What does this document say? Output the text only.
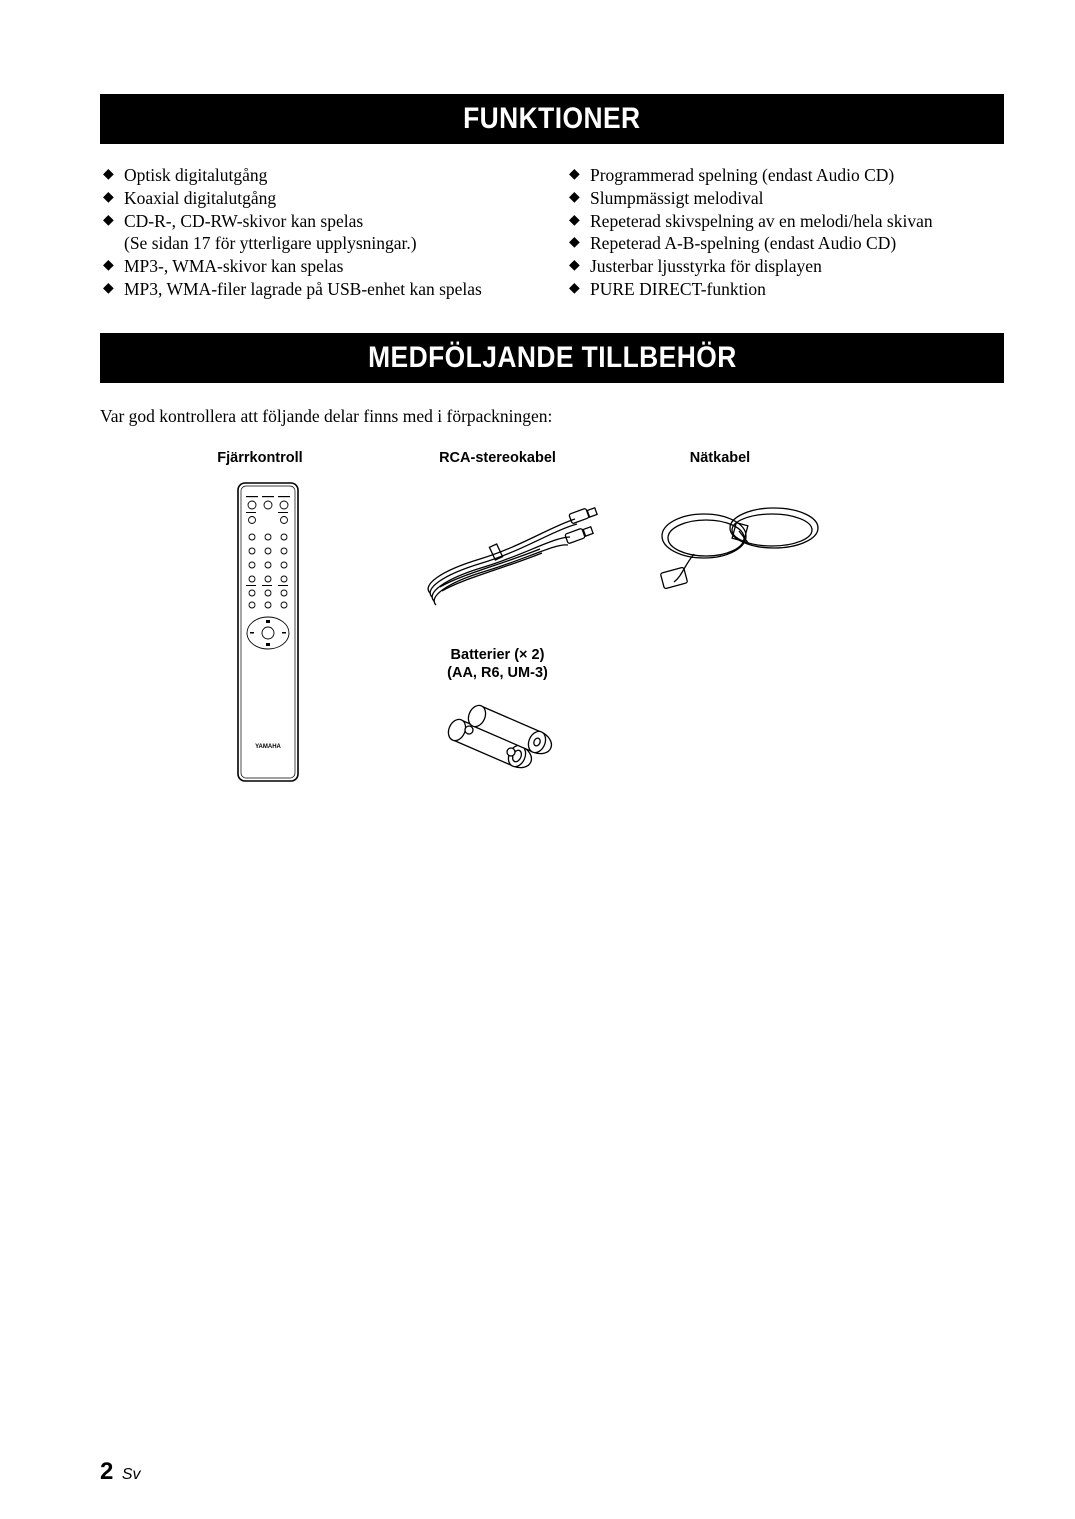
FUNKTIONER
◆ Optisk digitalutgång
◆ Koaxial digitalutgång
◆ CD-R-, CD-RW-skivor kan spelas
(Se sidan 17 för ytterligare upplysningar.)
◆ MP3-, WMA-skivor kan spelas
◆ MP3, WMA-filer lagrade på USB-enhet kan spelas
◆ Programmerad spelning (endast Audio CD)
◆ Slumpmässigt melodival
◆ Repeterad skivspelning av en melodi/hela skivan
◆ Repeterad A-B-spelning (endast Audio CD)
◆ Justerbar ljusstyrka för displayen
◆ PURE DIRECT-funktion
MEDFÖLJANDE TILLBEHÖR

Var god kontrollera att följande delar finns med i förpackningen:

Fjärrkontroll	RCA-stereokabel	Nätkabel
Batterier (× 2)
(AA, R6, UM-3)
YAMAHA
2 Sv
